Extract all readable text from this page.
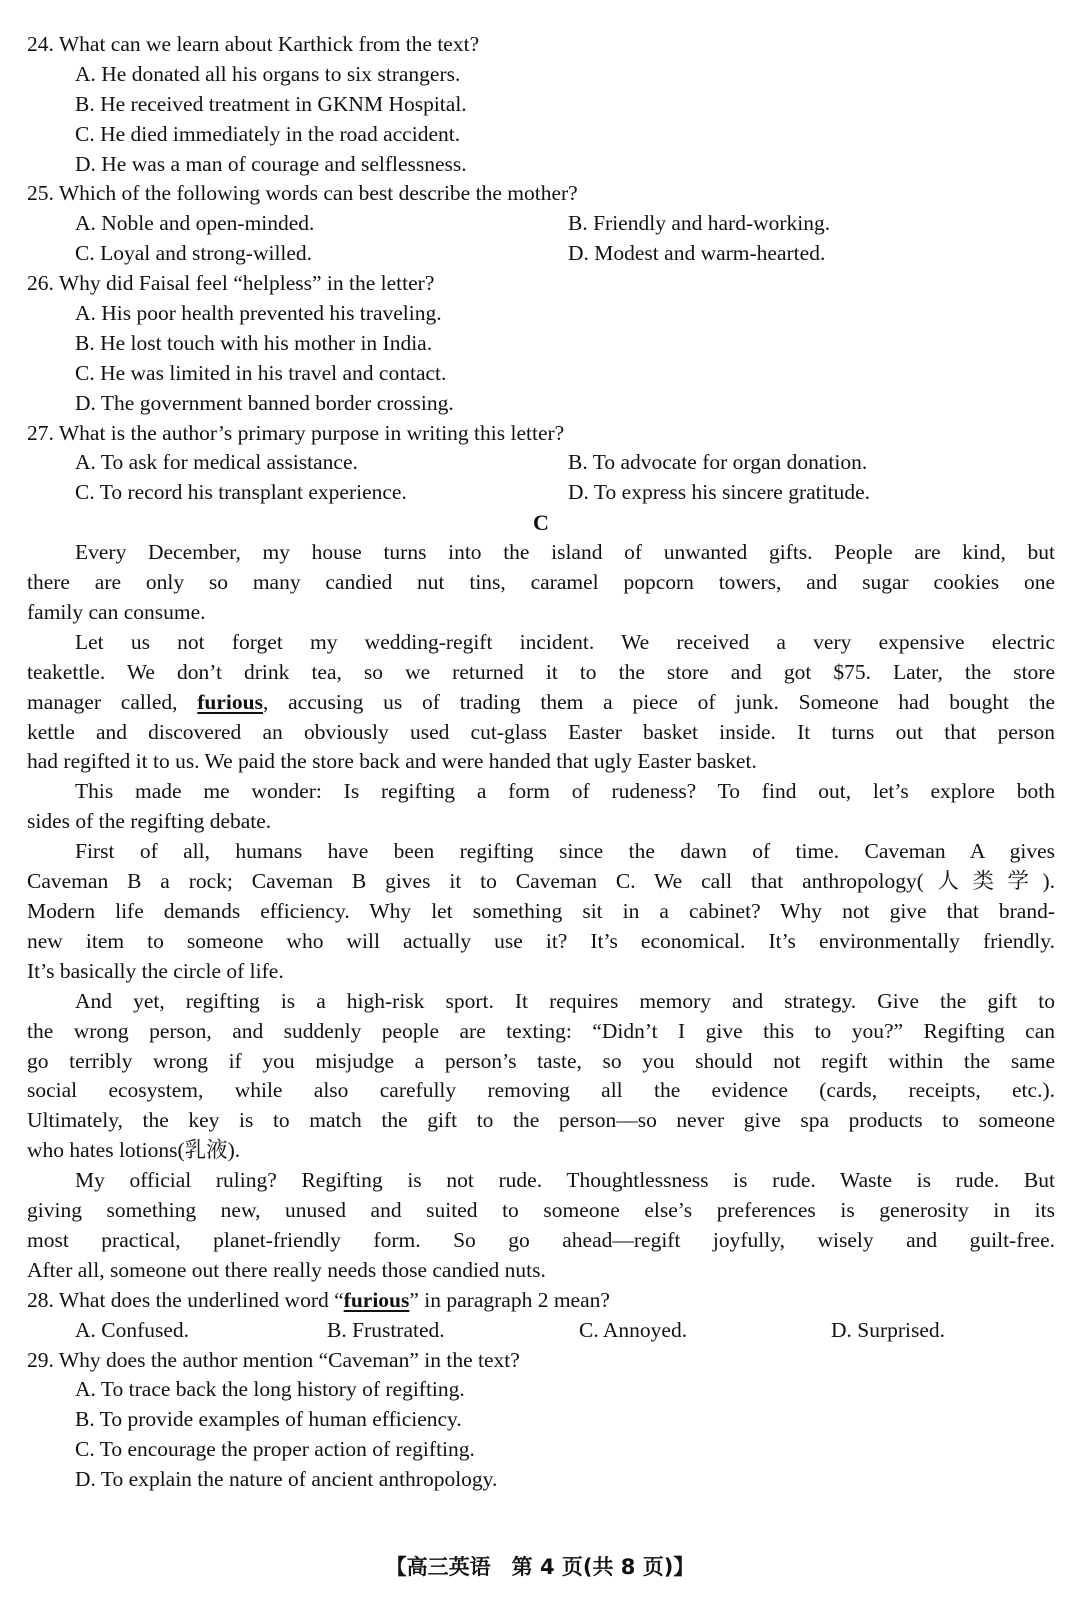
24. What can we learn about Karthick from the text?
A. He donated all his organs to six strangers.
B. He received treatment in GKNM Hospital.
C. He died immediately in the road accident.
D. He was a man of courage and selflessness.
25. Which of the following words can best describe the mother?
A. Noble and open-minded.	B. Friendly and hard-working.
C. Loyal and strong-willed.	D. Modest and warm-hearted.
26. Why did Faisal feel “helpless” in the letter?
A. His poor health prevented his traveling.
B. He lost touch with his mother in India.
C. He was limited in his travel and contact.
D. The government banned border crossing.
27. What is the author’s primary purpose in writing this letter?
A. To ask for medical assistance.	B. To advocate for organ donation.
C. To record his transplant experience.	D. To express his sincere gratitude.
C
Every December, my house turns into the island of unwanted gifts. People are kind, but
there are only so many candied nut tins, caramel popcorn towers, and sugar cookies one
family can consume.
Let us not forget my wedding-regift incident. We received a very expensive electric
teakettle. We don’t drink tea, so we returned it to the store and got $75. Later, the store
manager called, furious, accusing us of trading them a piece of junk. Someone had bought the
kettle and discovered an obviously used cut-glass Easter basket inside. It turns out that person
had regifted it to us. We paid the store back and were handed that ugly Easter basket.
This made me wonder: Is regifting a form of rudeness? To find out, let’s explore both
sides of the regifting debate.
First of all, humans have been regifting since the dawn of time. Caveman A gives
Caveman B a rock; Caveman B gives it to Caveman C. We call that anthropology(人类学).
Modern life demands efficiency. Why let something sit in a cabinet? Why not give that brand-
new item to someone who will actually use it? It’s economical. It’s environmentally friendly.
It’s basically the circle of life.
And yet, regifting is a high-risk sport. It requires memory and strategy. Give the gift to
the wrong person, and suddenly people are texting: “Didn’t I give this to you?” Regifting can
go terribly wrong if you misjudge a person’s taste, so you should not regift within the same
social ecosystem, while also carefully removing all the evidence (cards, receipts, etc.).
Ultimately, the key is to match the gift to the person—so never give spa products to someone
who hates lotions(乳液).
My official ruling? Regifting is not rude. Thoughtlessness is rude. Waste is rude. But
giving something new, unused and suited to someone else’s preferences is generosity in its
most practical, planet-friendly form. So go ahead—regift joyfully, wisely and guilt-free.
After all, someone out there really needs those candied nuts.
28. What does the underlined word “furious” in paragraph 2 mean?
A. Confused.	B. Frustrated.	C. Annoyed.	D. Surprised.
29. Why does the author mention “Caveman” in the text?
A. To trace back the long history of regifting.
B. To provide examples of human efficiency.
C. To encourage the proper action of regifting.
D. To explain the nature of ancient anthropology.
【高三英语　第 4 页(共 8 页)】
